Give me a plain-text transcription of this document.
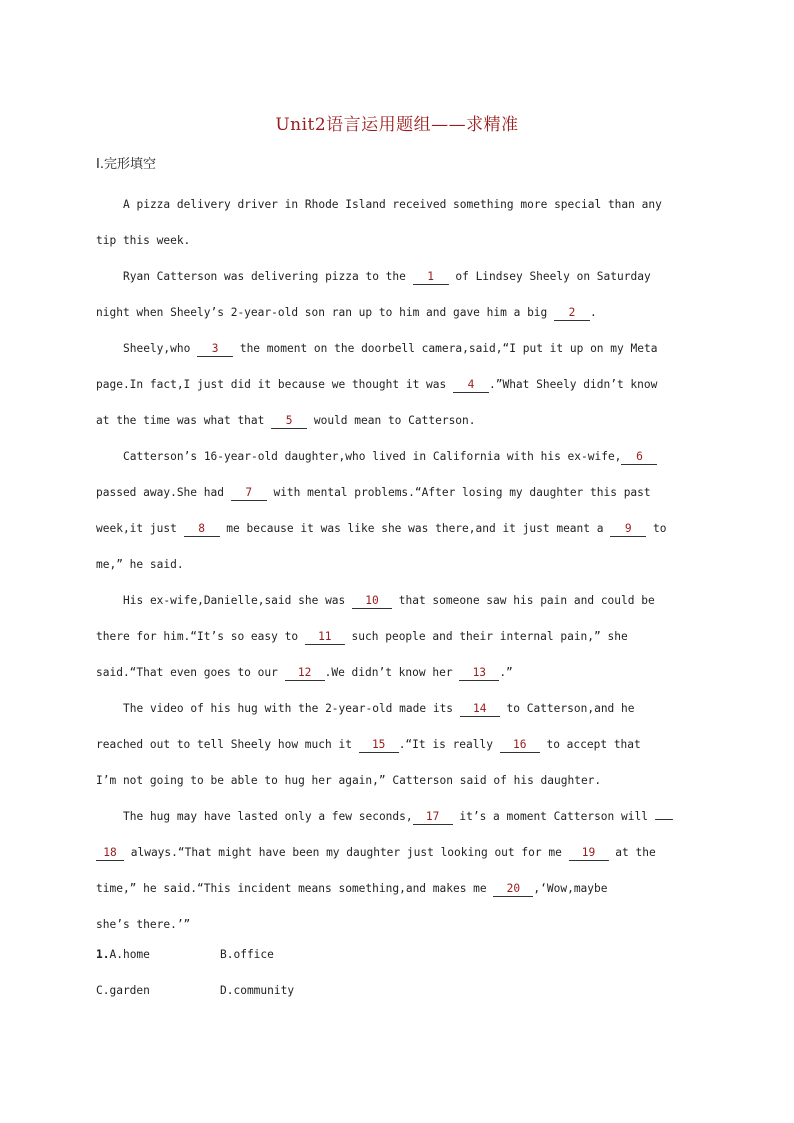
Unit2语言运用题组——求精准
Ⅰ.完形填空
A pizza delivery driver in Rhode Island received something more special than any
tip this week.
Ryan Catterson was delivering pizza to the 1 of Lindsey Sheely on Saturday
night when Sheely’s 2-year-old son ran up to him and gave him a big 2 .
Sheely,who 3 the moment on the doorbell camera,said,“I put it up on my Meta
page.In fact,I just did it because we thought it was 4 .”What Sheely didn’t know
at the time was what that 5 would mean to Catterson.
Catterson’s 16-year-old daughter,who lived in California with his ex-wife, 6
passed away.She had 7 with mental problems.“After losing my daughter this past
week,it just 8 me because it was like she was there,and it just meant a 9 to
me,” he said.
His ex-wife,Danielle,said she was 10 that someone saw his pain and could be
there for him.“It’s so easy to 11 such people and their internal pain,” she
said.“That even goes to our 12 .We didn’t know her 13 .”
The video of his hug with the 2-year-old made its 14 to Catterson,and he
reached out to tell Sheely how much it 15 .“It is really 16 to accept that
I’m not going to be able to hug her again,” Catterson said of his daughter.
The hug may have lasted only a few seconds, 17 it’s a moment Catterson will
18 always.“That might have been my daughter just looking out for me 19 at the
time,” he said.“This incident means something,and makes me 20 ,‘Wow,maybe
she’s there.’”
1.A.home	B.office
C.garden	D.community
